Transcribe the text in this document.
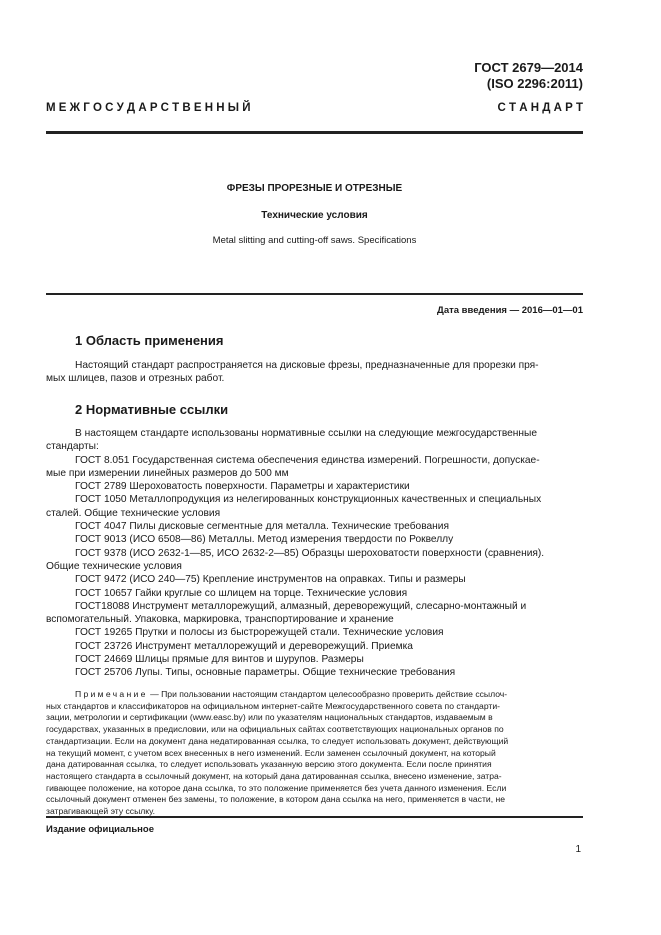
ГОСТ 2679—2014
(ISO 2296:2011)
М Е Ж Г О С У Д А Р С Т В Е Н Н Ы Й	С Т А Н Д А Р Т
ФРЕЗЫ ПРОРЕЗНЫЕ И ОТРЕЗНЫЕ
Технические условия
Metal slitting and cutting-off saws. Specifications
Дата введения — 2016—01—01
1 Область применения
Настоящий стандарт распространяется на дисковые фрезы, предназначенные для прорезки пря-
мых шлицев, пазов и отрезных работ.
2 Нормативные ссылки
В настоящем стандарте использованы нормативные ссылки на следующие межгосударственные
стандарты:
ГОСТ 8.051 Государственная система обеспечения единства измерений. Погрешности, допускае-
мые при измерении линейных размеров до 500 мм
ГОСТ 2789 Шероховатость поверхности. Параметры и характеристики
ГОСТ 1050 Металлопродукция из нелегированных конструкционных качественных и специальных
сталей. Общие технические условия
ГОСТ 4047 Пилы дисковые сегментные для металла. Технические требования
ГОСТ 9013 (ИСО 6508—86) Металлы. Метод измерения твердости по Роквеллу
ГОСТ 9378 (ИСО 2632-1—85, ИСО 2632-2—85) Образцы шероховатости поверхности (сравнения).
Общие технические условия
ГОСТ 9472 (ИСО 240—75) Крепление инструментов на оправках. Типы и размеры
ГОСТ 10657 Гайки круглые со шлицем на торце. Технические условия
ГОСТ18088 Инструмент металлорежущий, алмазный, дереворежущий, слесарно-монтажный и
вспомогательный. Упаковка, маркировка, транспортирование и хранение
ГОСТ 19265 Прутки и полосы из быстрорежущей стали. Технические условия
ГОСТ 23726 Инструмент металлорежущий и дереворежущий. Приемка
ГОСТ 24669 Шлицы прямые для винтов и шурупов. Размеры
ГОСТ 25706 Лупы. Типы, основные параметры. Общие технические требования
Примечание — При пользовании настоящим стандартом целесообразно проверить действие ссылоч-
ных стандартов и классификаторов на официальном интернет-сайте Межгосударственного совета по стандарти-
зации, метрологии и сертификации (www.easc.by) или по указателям национальных стандартов, издаваемым в
государствах, указанных в предисловии, или на официальных сайтах соответствующих национальных органов по
стандартизации. Если на документ дана недатированная ссылка, то следует использовать документ, действующий
на текущий момент, с учетом всех внесенных в него изменений. Если заменен ссылочный документ, на который
дана датированная ссылка, то следует использовать указанную версию этого документа. Если после принятия
настоящего стандарта в ссылочный документ, на который дана датированная ссылка, внесено изменение, затра-
гивающее положение, на которое дана ссылка, то это положение применяется без учета данного изменения. Если
ссылочный документ отменен без замены, то положение, в котором дана ссылка на него, применяется в части, не
затрагивающей эту ссылку.
Издание официальное
1
